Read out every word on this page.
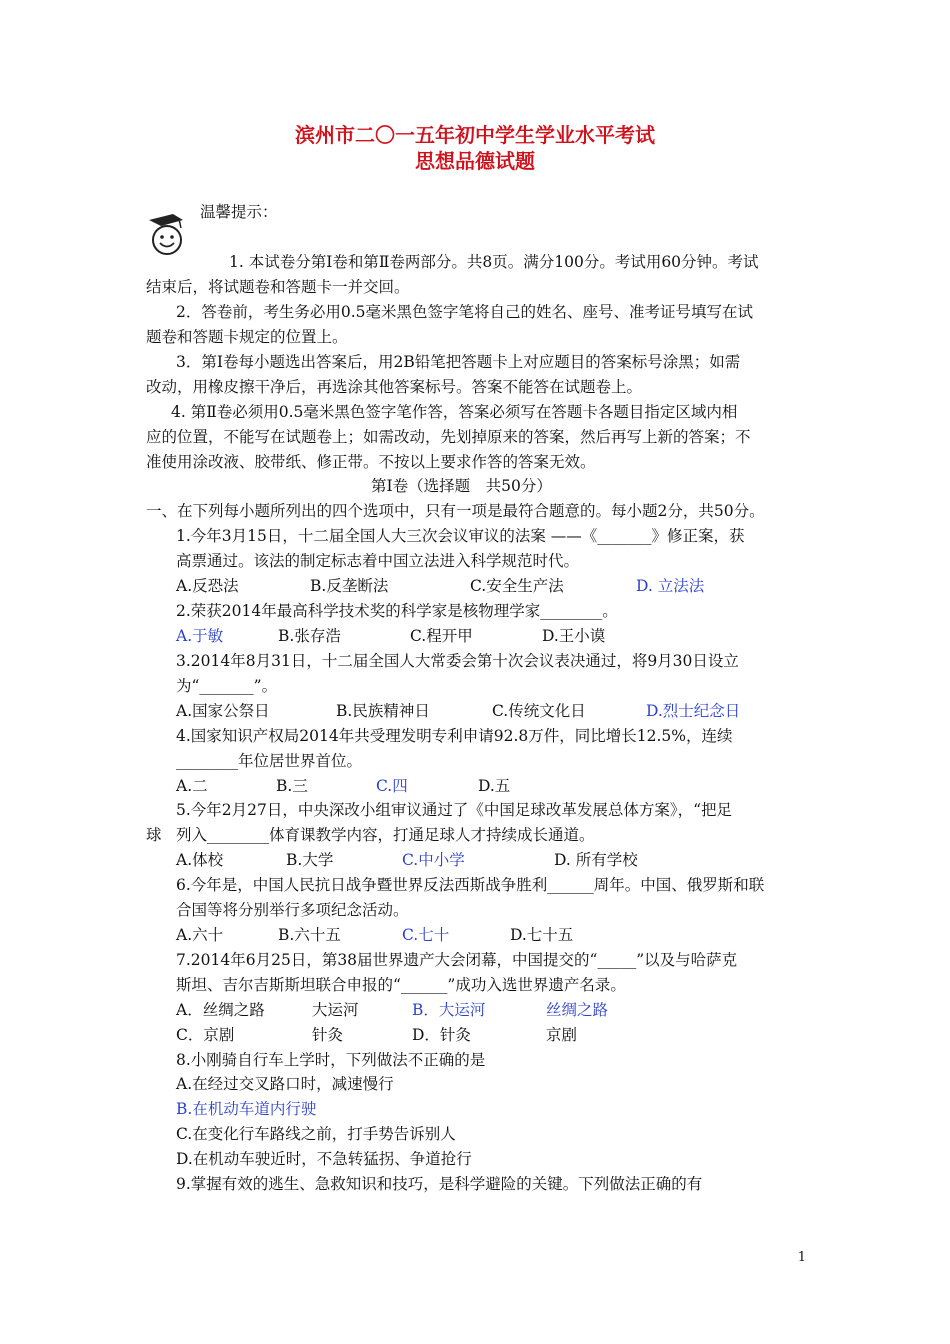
滨州市二〇一五年初中学生学业水平考试
思想品德试题
温馨提示：
1. 本试卷分第Ⅰ卷和第Ⅱ卷两部分。共8页。满分100分。考试用60分钟。考试
结束后，将试题卷和答题卡一并交回。
2．答卷前，考生务必用0.5毫米黑色签字笔将自己的姓名、座号、准考证号填写在试
题卷和答题卡规定的位置上。
3．第Ⅰ卷每小题选出答案后，用2B铅笔把答题卡上对应题目的答案标号涂黑；如需
改动，用橡皮擦干净后，再选涂其他答案标号。答案不能答在试题卷上。
4. 第Ⅱ卷必须用0.5毫米黑色签字笔作答，答案必须写在答题卡各题目指定区域内相
应的位置，不能写在试题卷上；如需改动，先划掉原来的答案，然后再写上新的答案；不
准使用涂改液、胶带纸、修正带。不按以上要求作答的答案无效。
第Ⅰ卷（选择题　共50分）
一、在下列每小题所列出的四个选项中，只有一项是最符合题意的。每小题2分，共50分。
1.今年3月15日，十二届全国人大三次会议审议的法案 ——《_______》修正案，获
高票通过。该法的制定标志着中国立法进入科学规范时代。
A.反恐法	B.反垄断法	C.安全生产法	D. 立法法
2.荣获2014年最高科学技术奖的科学家是核物理学家________。
A.于敏	B.张存浩	C.程开甲	D.王小谟
3.2014年8月31日，十二届全国人大常委会第十次会议表决通过，将9月30日设立
为“_______”。
A.国家公祭日	B.民族精神日	C.传统文化日	D.烈士纪念日
4.国家知识产权局2014年共受理发明专利申请92.8万件，同比增长12.5%，连续
________年位居世界首位。
A.二	B.三	C.四	D.五
5.今年2月27日，中央深改小组审议通过了《中国足球改革发展总体方案》，“把足
球 列入________体育课教学内容，打通足球人才持续成长通道。
A.体校	B.大学	C.中小学	D. 所有学校
6.今年是，中国人民抗日战争暨世界反法西斯战争胜利______周年。中国、俄罗斯和联
合国等将分别举行多项纪念活动。
A.六十	B.六十五	C.七十	D.七十五
7.2014年6月25日，第38届世界遗产大会闭幕，中国提交的“_____”以及与哈萨克
斯坦、吉尔吉斯斯坦联合申报的“______”成功入选世界遗产名录。
A．丝绸之路	大运河	B．大运河	丝绸之路
C．京剧	针灸	D．针灸	京剧
8.小刚骑自行车上学时，下列做法不正确的是
A.在经过交叉路口时，减速慢行
B.在机动车道内行驶
C.在变化行车路线之前，打手势告诉别人
D.在机动车驶近时，不急转猛拐、争道抢行
9.掌握有效的逃生、急救知识和技巧，是科学避险的关键。下列做法正确的有
1
